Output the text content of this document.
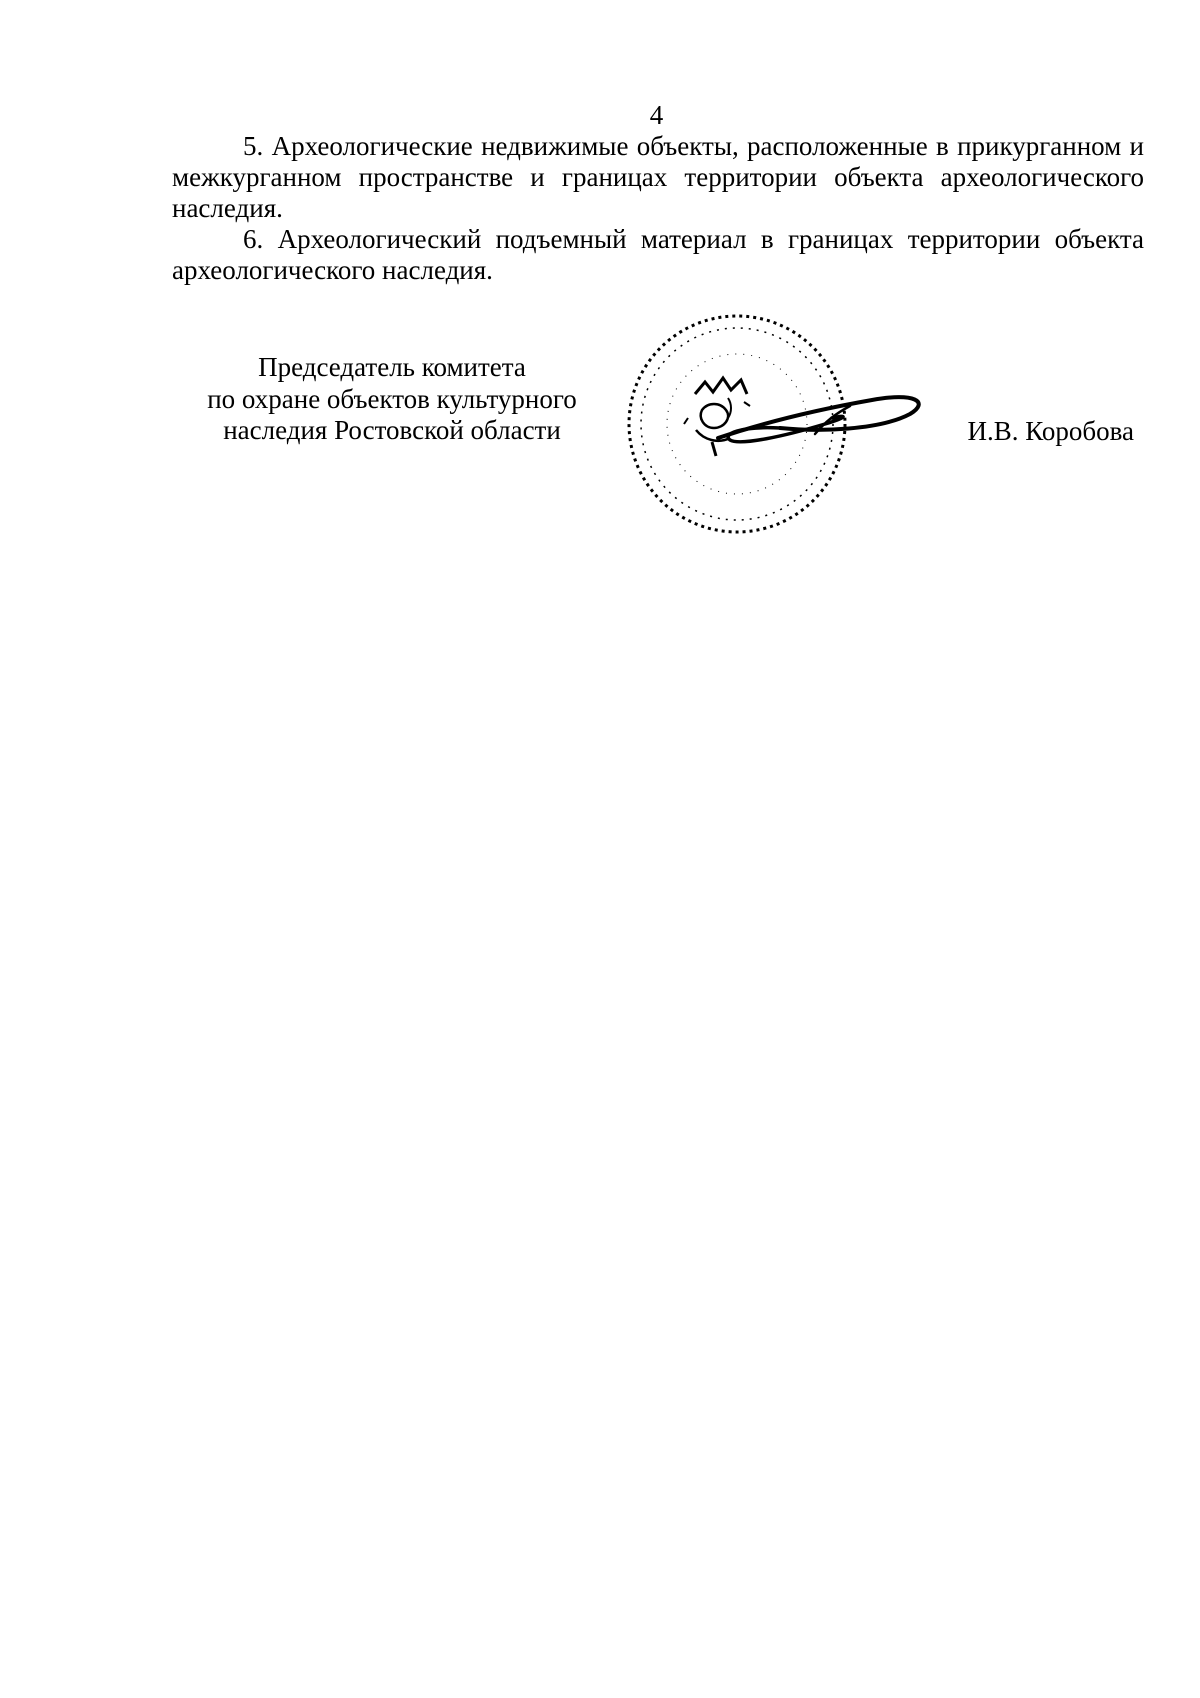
4

5. Археологические недвижимые объекты, расположенные в прикурганном и межкурганном пространстве и границах территории объекта археологического наследия.

6. Археологический подъемный материал в границах территории объекта археологического наследия.

Председатель комитета
по охране объектов культурного
наследия Ростовской области	И.В. Коробова
